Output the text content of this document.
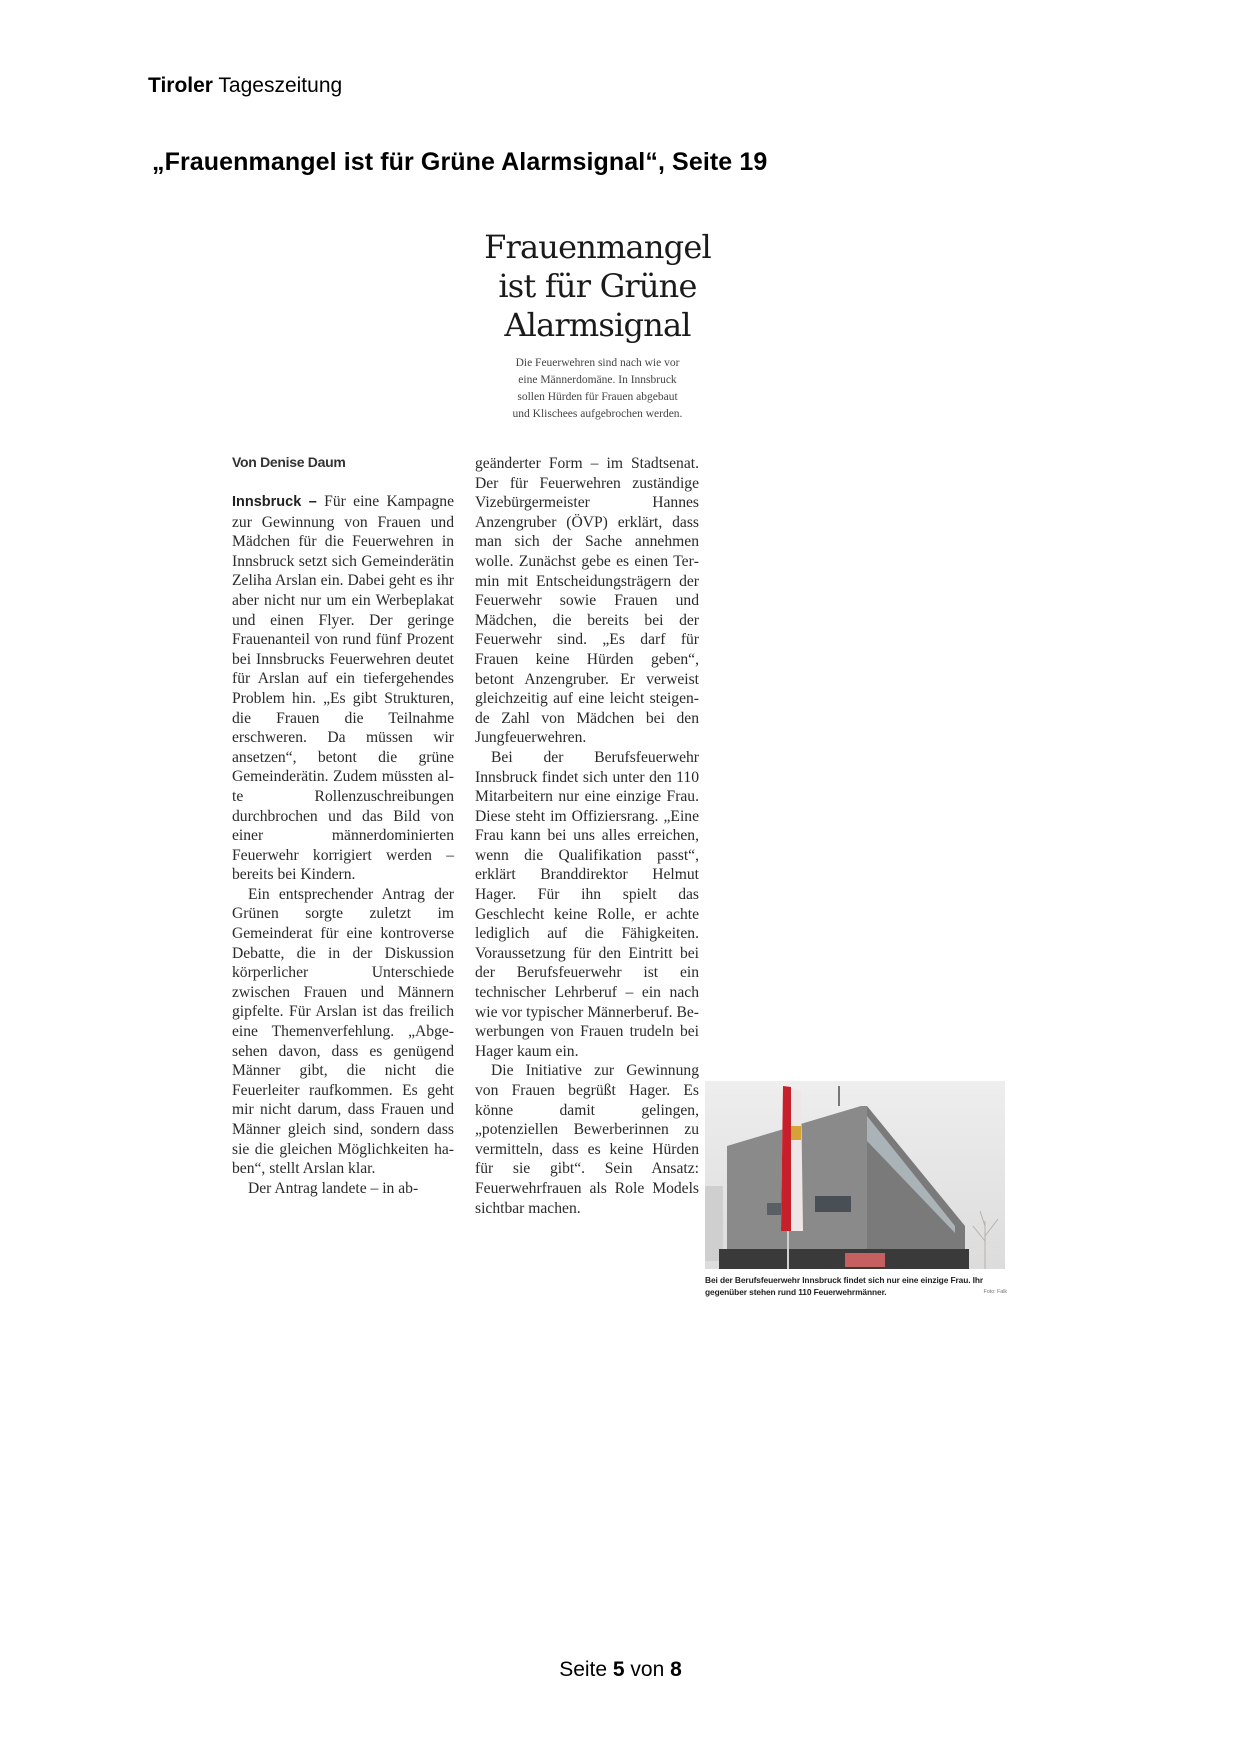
Tiroler Tageszeitung
„Frauenmangel ist für Grüne Alarmsignal“, Seite 19
Frauenmangel
ist für Grüne
Alarmsignal
Die Feuerwehren sind nach wie vor
eine Männerdomäne. In Innsbruck
sollen Hürden für Frauen abgebaut
und Klischees aufgebrochen werden.
Von Denise Daum

Innsbruck – Für eine Kampagne zur Gewinnung von Frauen und Mädchen für die Feuerwehren in Innsbruck setzt sich Gemeinderätin Zeliha Arslan ein. Dabei geht es ihr aber nicht nur um ein Werbeplakat und einen Flyer. Der geringe Frauenanteil von rund fünf Prozent bei Innsbrucks Feuerwehren deutet für Arslan auf ein tiefergehendes Problem hin. „Es gibt Strukturen, die Frauen die Teilnahme erschweren. Da müssen wir ansetzen“, betont die grüne Gemeinderätin. Zudem müssten alte Rollenzuschreibungen durchbrochen und das Bild von einer männerdominierten Feuerwehr korrigiert werden – bereits bei Kindern.

Ein entsprechender Antrag der Grünen sorgte zuletzt im Gemeinderat für eine kontroverse Debatte, die in der Diskussion körperlicher Unterschiede zwischen Frauen und Männern gipfelte. Für Arslan ist das freilich eine Themenverfehlung. „Abgesehen davon, dass es genügend Männer gibt, die nicht die Feuerleiter raufkommen. Es geht mir nicht darum, dass Frauen und Männer gleich sind, sondern dass sie die gleichen Möglichkeiten haben“, stellt Arslan klar.

Der Antrag landete – in ab-

geänderter Form – im Stadtsenat. Der für Feuerwehren zuständige Vizebürgermeister Hannes Anzengruber (ÖVP) erklärt, dass man sich der Sache annehmen wolle. Zunächst gebe es einen Termin mit Entscheidungsträgern der Feuerwehr sowie Frauen und Mädchen, die bereits bei der Feuerwehr sind. „Es darf für Frauen keine Hürden geben“, betont Anzengruber. Er verweist gleichzeitig auf eine leicht steigende Zahl von Mädchen bei den Jungfeuerwehren.

Bei der Berufsfeuerwehr Innsbruck findet sich unter den 110 Mitarbeitern nur eine einzige Frau. Diese steht im Offiziersrang. „Eine Frau kann bei uns alles erreichen, wenn die Qualifikation passt“, erklärt Branddirektor Helmut Hager. Für ihn spielt das Geschlecht keine Rolle, er achte lediglich auf die Fähigkeiten. Voraussetzung für den Eintritt bei der Berufsfeuerwehr ist ein technischer Lehrberuf – ein nach wie vor typischer Männerberuf. Bewerbungen von Frauen trudeln bei Hager kaum ein.

Die Initiative zur Gewinnung von Frauen begrüßt Hager. Es könne damit gelingen, „potenziellen Bewerberinnen zu vermitteln, dass es keine Hürden für sie gibt“. Sein Ansatz: Feuerwehrfrauen als Role Models sichtbar machen.

Bei der Berufsfeuerwehr Innsbruck findet sich nur eine einzige Frau. Ihr gegenüber stehen rund 110 Feuerwehrmänner.	Foto: Falk
Seite 5 von 8
